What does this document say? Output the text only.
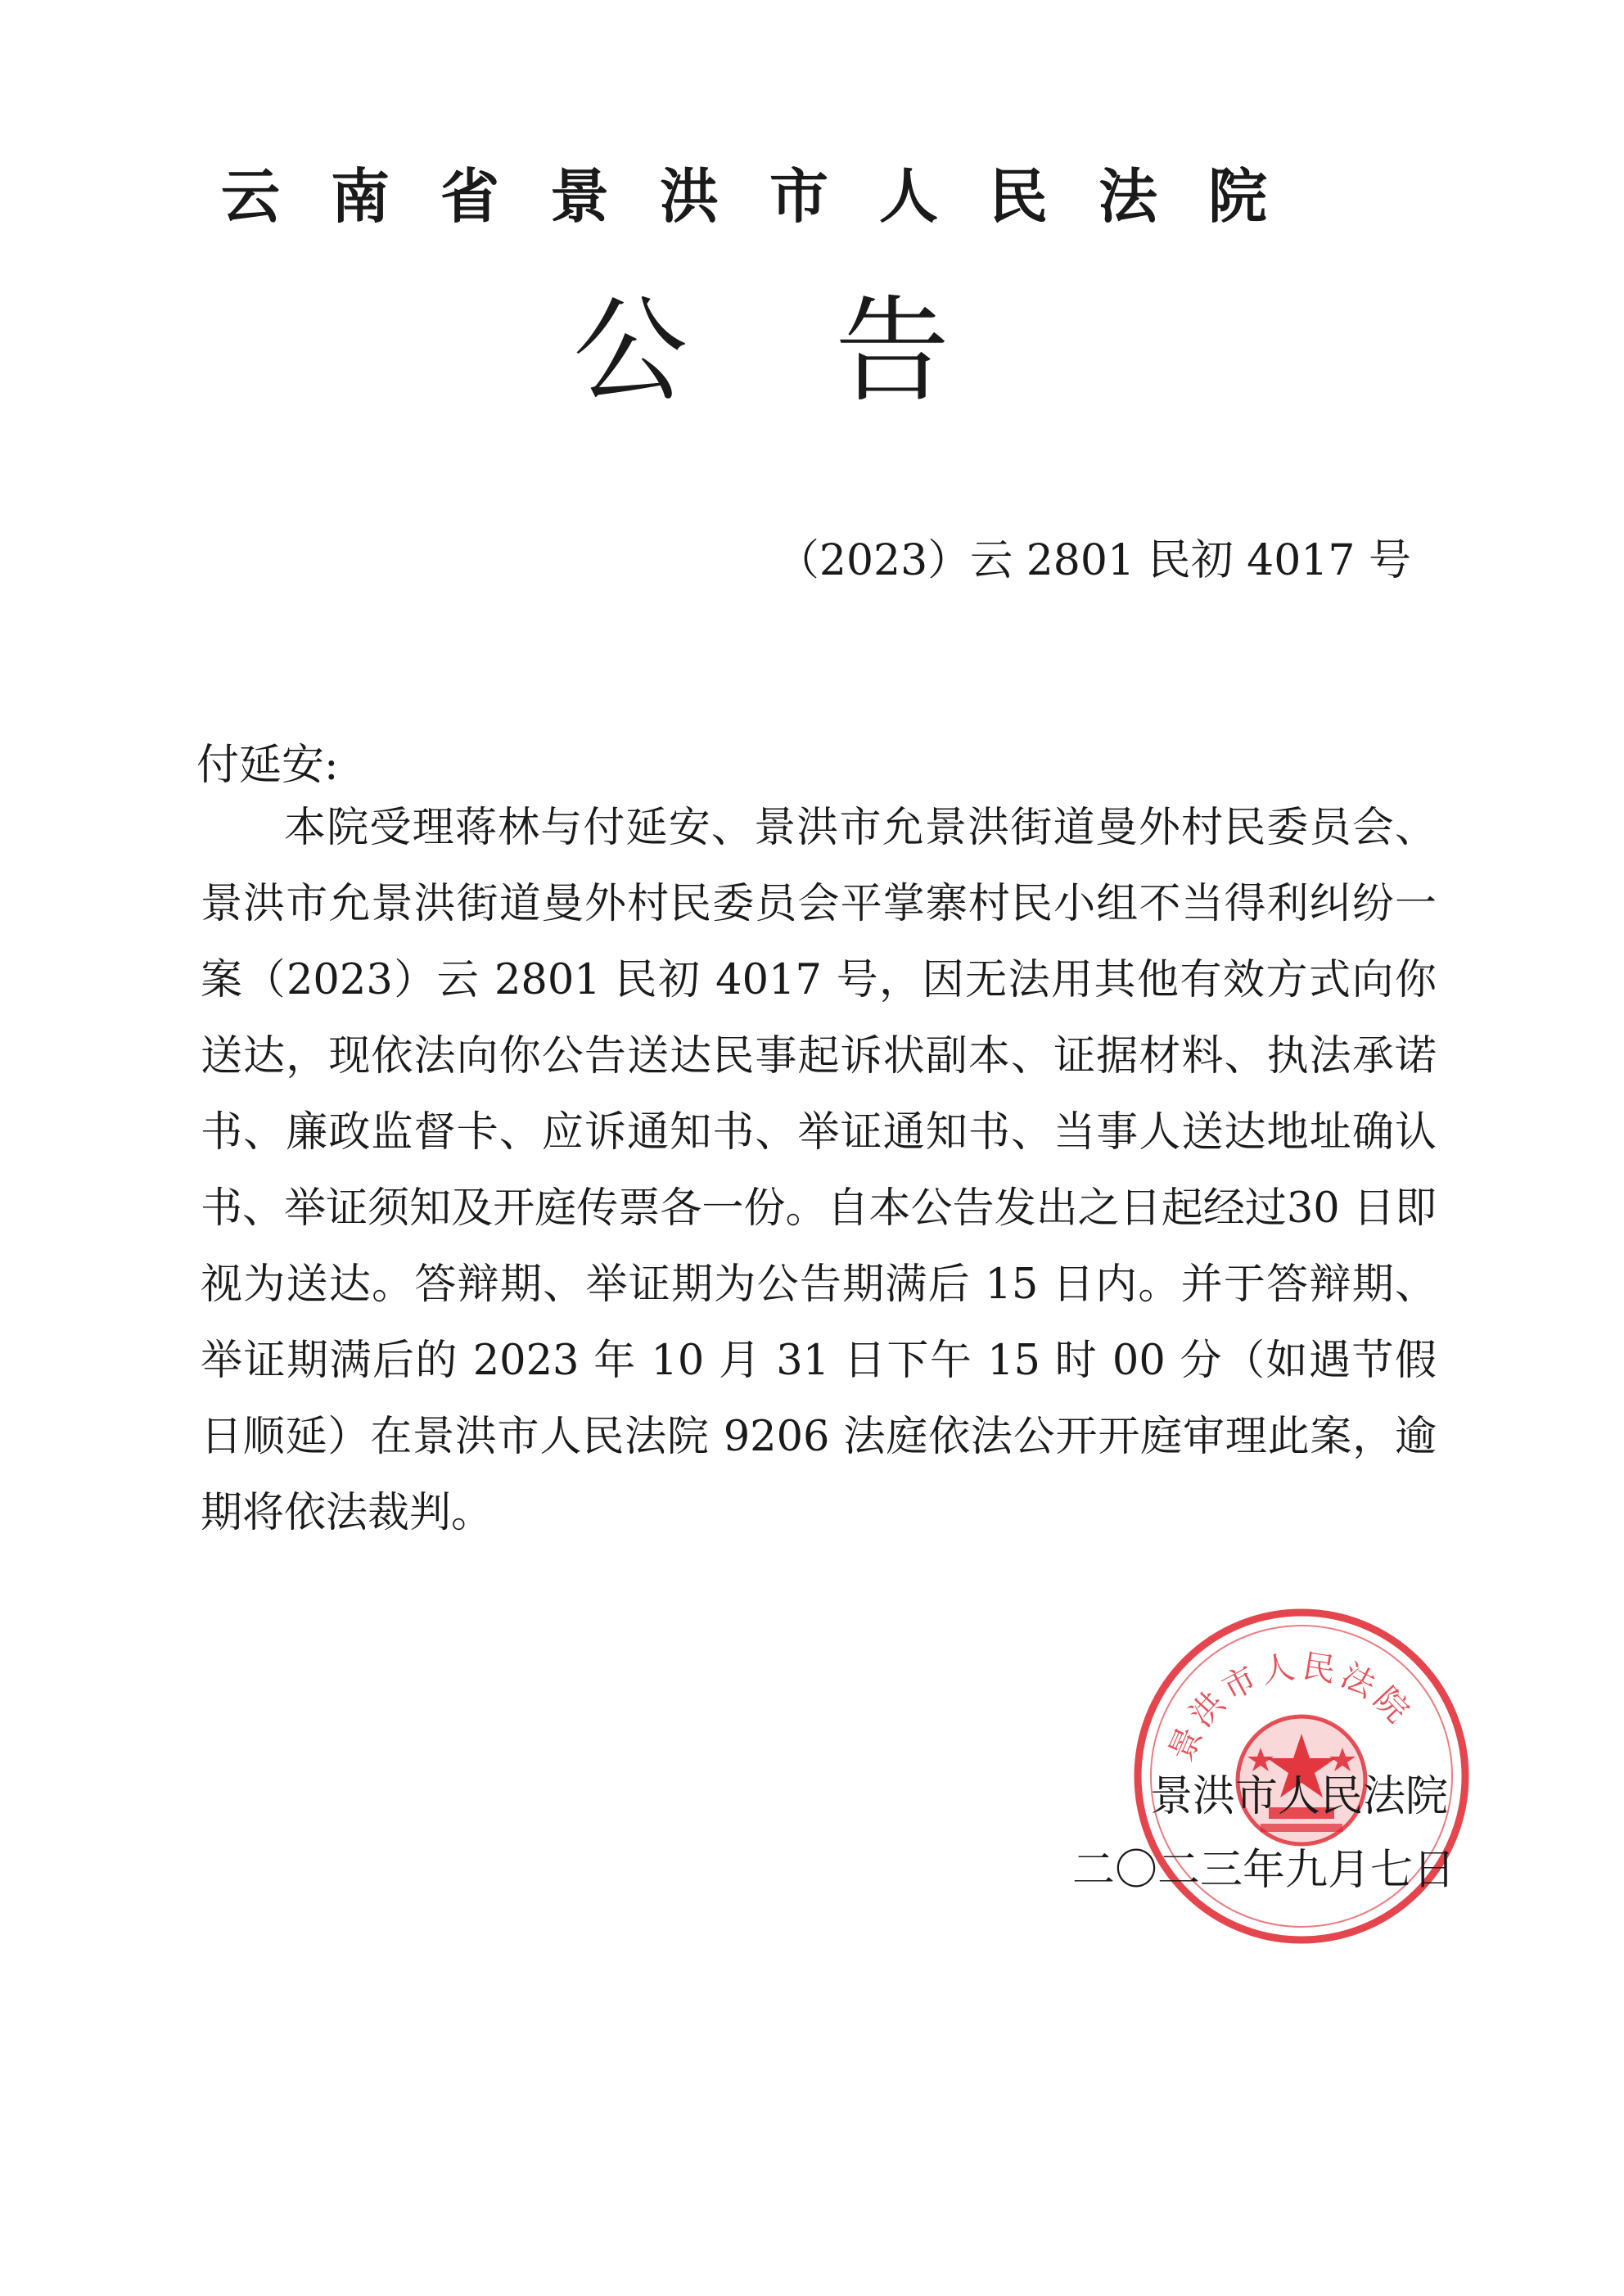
云南省景洪市人民法院
公告
（2023）云 2801 民初 4017 号
付延安:

本院受理蒋林与付延安、景洪市允景洪街道曼外村民委员会、景洪市允景洪街道曼外村民委员会平掌寨村民小组不当得利纠纷一案（2023）云 2801 民初 4017 号，因无法用其他有效方式向你送达，现依法向你公告送达民事起诉状副本、证据材料、执法承诺书、廉政监督卡、应诉通知书、举证通知书、当事人送达地址确认书、举证须知及开庭传票各一份。自本公告发出之日起经过30 日即视为送达。答辩期、举证期为公告期满后 15 日内。并于答辩期、举证期满后的 2023 年 10 月 31 日下午 15 时 00 分（如遇节假日顺延）在景洪市人民法院 9206 法庭依法公开开庭审理此案，逾期将依法裁判。

景洪市人民法院
景洪市人民法院
二〇二三年九月七日
